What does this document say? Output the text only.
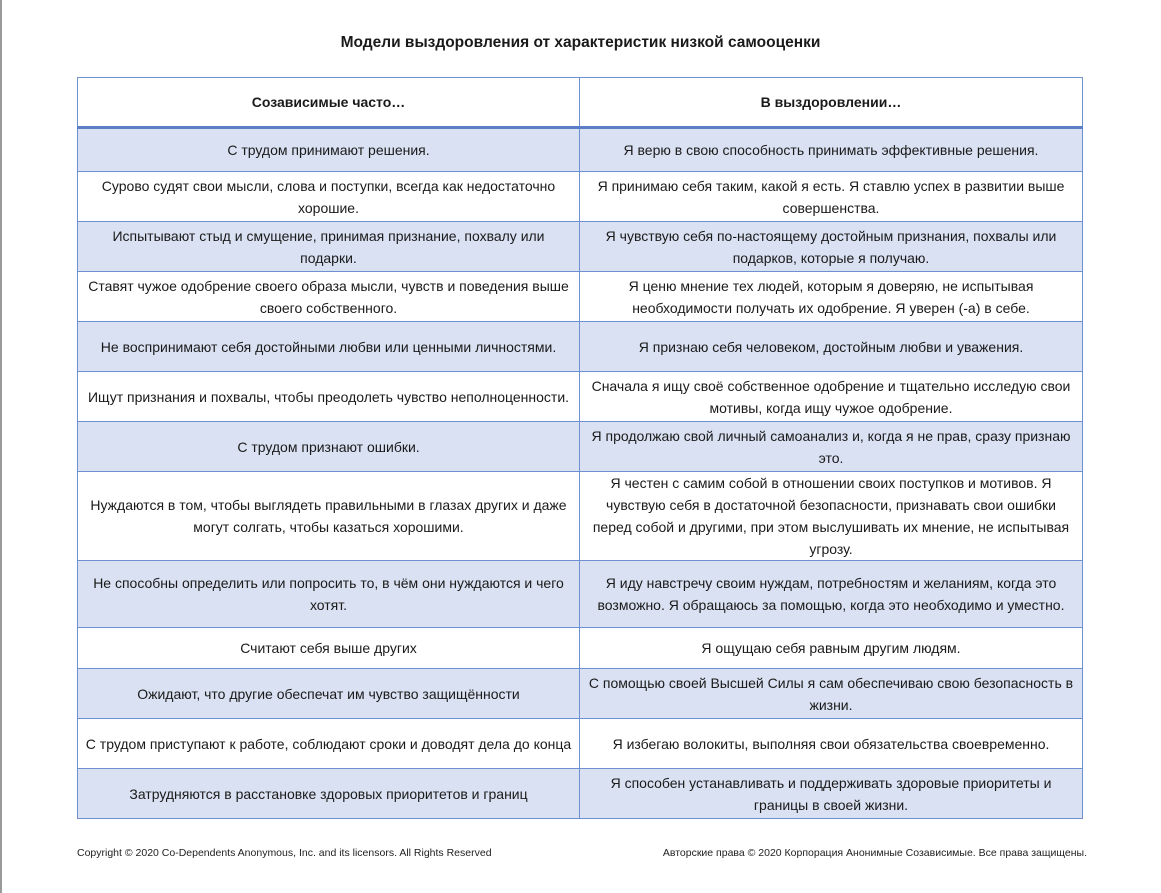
Модели выздоровления от характеристик низкой самооценки
Созависимые часто…	В выздоровлении…
С трудом принимают решения.	Я верю в свою способность принимать эффективные решения.
Сурово судят свои мысли, слова и поступки, всегда как недостаточно хорошие.	Я принимаю себя таким, какой я есть. Я ставлю успех в развитии выше совершенства.
Испытывают стыд и смущение, принимая признание, похвалу или подарки.	Я чувствую себя по-настоящему достойным признания, похвалы или подарков, которые я получаю.
Ставят чужое одобрение своего образа мысли, чувств и поведения выше своего собственного.	Я ценю мнение тех людей, которым я доверяю, не испытывая необходимости получать их одобрение. Я уверен (-а) в себе.
Не воспринимают себя достойными любви или ценными личностями.	Я признаю себя человеком, достойным любви и уважения.
Ищут признания и похвалы, чтобы преодолеть чувство неполноценности.	Сначала я ищу своё собственное одобрение и тщательно исследую свои мотивы, когда ищу чужое одобрение.
С трудом признают ошибки.	Я продолжаю свой личный самоанализ и, когда я не прав, сразу признаю это.
Нуждаются в том, чтобы выглядеть правильными в глазах других и даже могут солгать, чтобы казаться хорошими.	Я честен с самим собой в отношении своих поступков и мотивов. Я чувствую себя в достаточной безопасности, признавать свои ошибки перед собой и другими, при этом выслушивать их мнение, не испытывая угрозу.
Не способны определить или попросить то, в чём они нуждаются и чего хотят.	Я иду навстречу своим нуждам, потребностям и желаниям, когда это возможно. Я обращаюсь за помощью, когда это необходимо и уместно.
Считают себя выше других	Я ощущаю себя равным другим людям.
Ожидают, что другие обеспечат им чувство защищённости	С помощью своей Высшей Силы я сам обеспечиваю свою безопасность в жизни.
С трудом приступают к работе, соблюдают сроки и доводят дела до конца	Я избегаю волокиты, выполняя свои обязательства своевременно.
Затрудняются в расстановке здоровых приоритетов и границ	Я способен устанавливать и поддерживать здоровые приоритеты и границы в своей жизни.
Copyright © 2020 Co-Dependents Anonymous, Inc. and its licensors. All Rights Reserved	Авторские права © 2020 Корпорация Анонимные Созависимые. Все права защищены.
